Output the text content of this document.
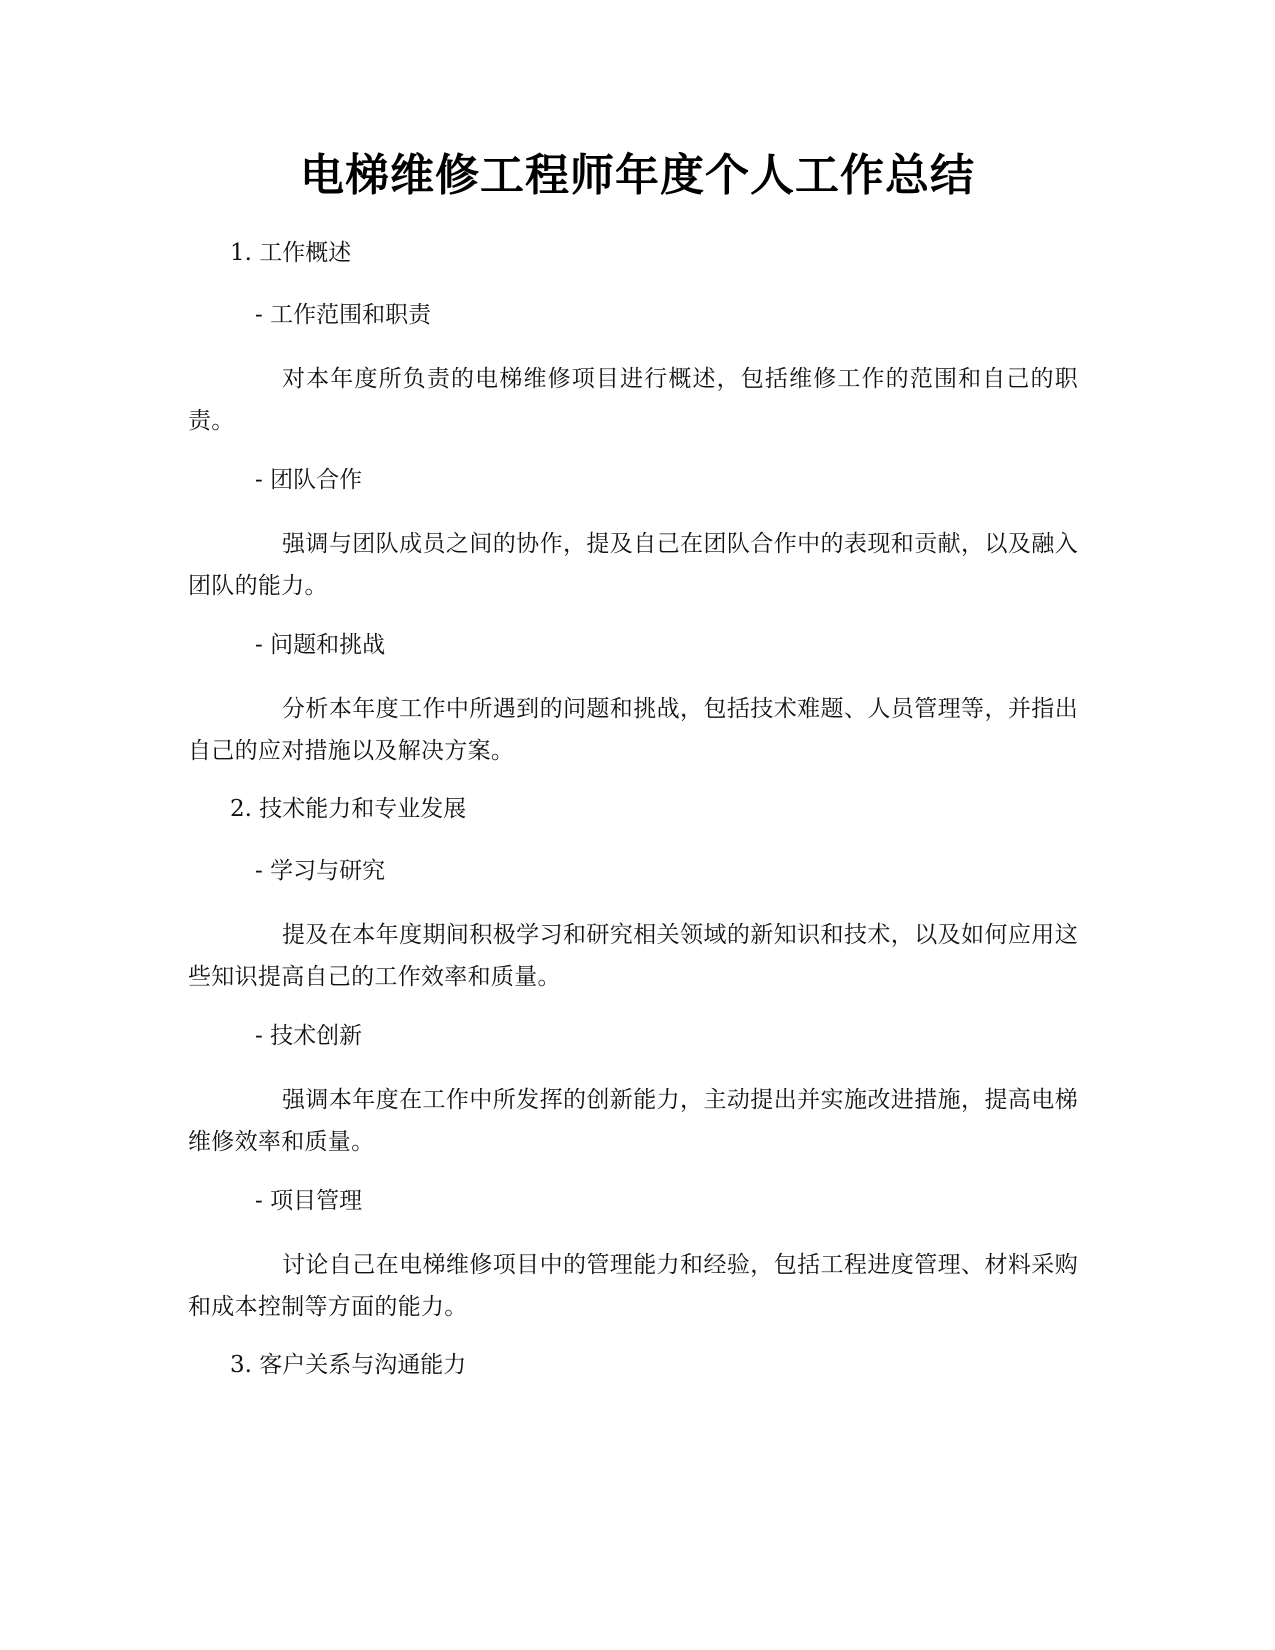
电梯维修工程师年度个人工作总结
1. 工作概述
- 工作范围和职责
对本年度所负责的电梯维修项目进行概述，包括维修工作的范围和自己的职责。
- 团队合作
强调与团队成员之间的协作，提及自己在团队合作中的表现和贡献，以及融入团队的能力。
- 问题和挑战
分析本年度工作中所遇到的问题和挑战，包括技术难题、人员管理等，并指出自己的应对措施以及解决方案。
2. 技术能力和专业发展
- 学习与研究
提及在本年度期间积极学习和研究相关领域的新知识和技术，以及如何应用这些知识提高自己的工作效率和质量。
- 技术创新
强调本年度在工作中所发挥的创新能力，主动提出并实施改进措施，提高电梯维修效率和质量。
- 项目管理
讨论自己在电梯维修项目中的管理能力和经验，包括工程进度管理、材料采购和成本控制等方面的能力。
3. 客户关系与沟通能力
